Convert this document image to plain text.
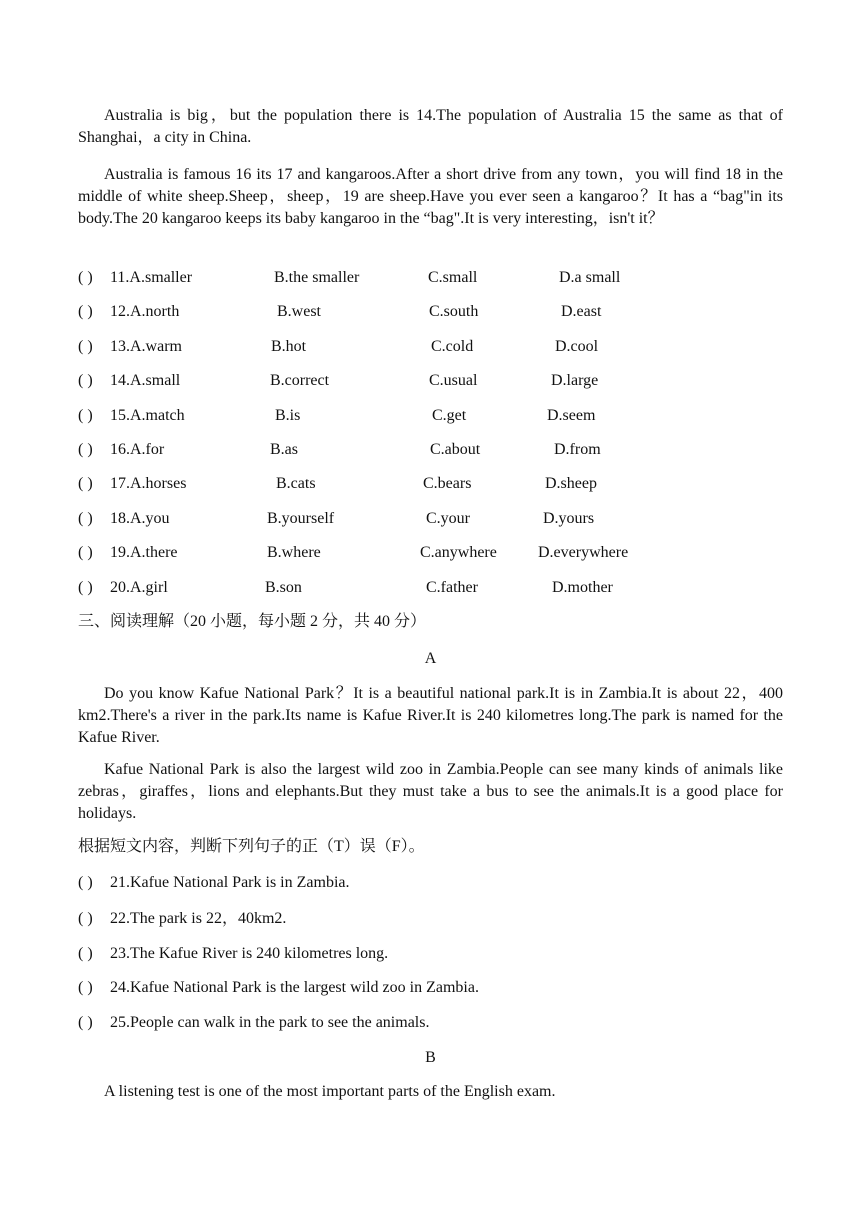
Australia is big，but the population there is 14.The population of Australia 15 the same as that of Shanghai，a city in China.

Australia is famous 16 its 17 and kangaroos.After a short drive from any town，you will find 18 in the middle of white sheep.Sheep，sheep，19 are sheep.Have you ever seen a kangaroo？It has a “bag"in its body.The 20 kangaroo keeps its baby kangaroo in the “bag".It is very interesting，isn't it？

( ) 11.A.smaller	B.the smaller	C.small	D.a small
( ) 12.A.north	B.west	C.south	D.east
( ) 13.A.warm	B.hot	C.cold	D.cool
( ) 14.A.small	B.correct	C.usual	D.large
( ) 15.A.match	B.is	C.get	D.seem
( ) 16.A.for	B.as	C.about	D.from
( ) 17.A.horses	B.cats	C.bears	D.sheep
( ) 18.A.you	B.yourself	C.your	D.yours
( ) 19.A.there	B.where	C.anywhere	D.everywhere
( ) 20.A.girl	B.son	C.father	D.mother
三、阅读理解（20 小题，每小题 2 分，共 40 分）
A

Do you know Kafue National Park？It is a beautiful national park.It is in Zambia.It is about 22，400 km2.There's a river in the park.Its name is Kafue River.It is 240 kilometres long.The park is named for the Kafue River.

Kafue National Park is also the largest wild zoo in Zambia.People can see many kinds of animals like zebras，giraffes，lions and elephants.But they must take a bus to see the animals.It is a good place for holidays.

根据短文内容，判断下列句子的正（T）误（F）。
( ) 21.Kafue National Park is in Zambia.
( ) 22.The park is 22，40km2.
( ) 23.The Kafue River is 240 kilometres long.
( ) 24.Kafue National Park is the largest wild zoo in Zambia.
( ) 25.People can walk in the park to see the animals.
B

A listening test is one of the most important parts of the English exam.
